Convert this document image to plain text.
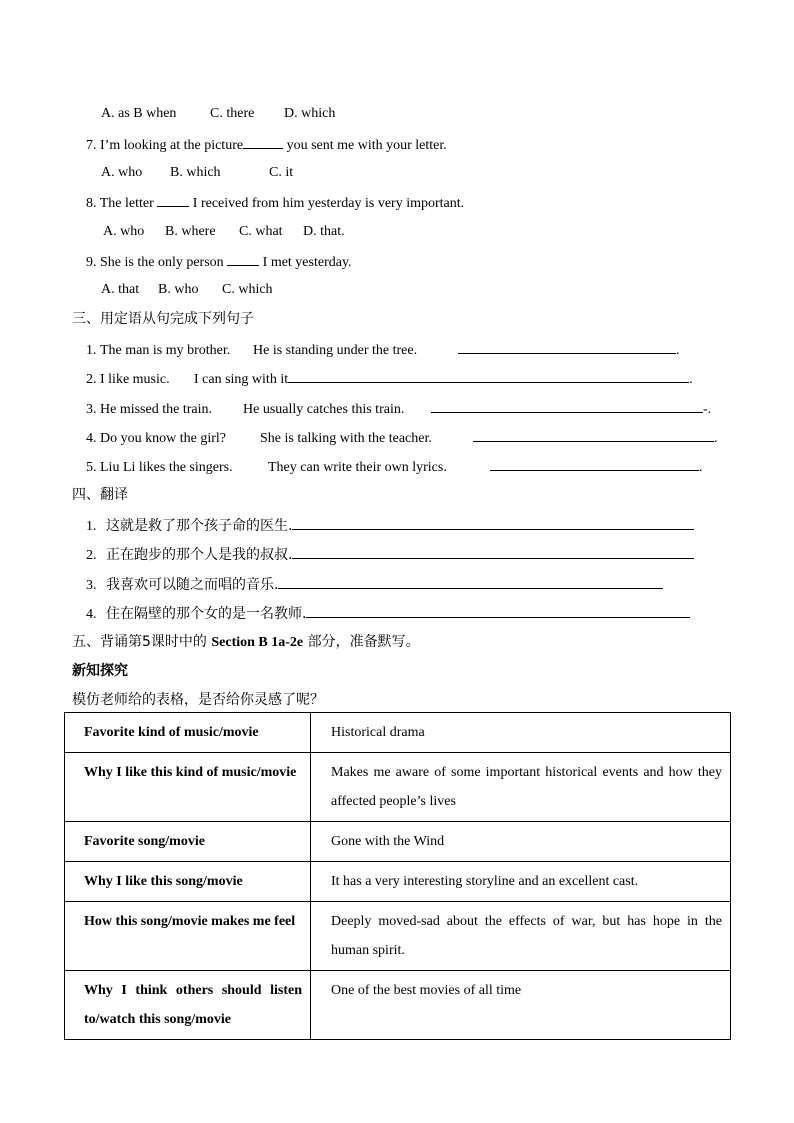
A. as B when C. there D. which
7. I’m looking at the picture	you sent me with your letter.
A. who B. which	C. it
8. The letter  I received from him yesterday is very important.
A. who B. where C. what D. that.
9. She is the only person  I met yesterday.
A. that B. who C. which
三、用定语从句完成下列句子
1. The man is my brother. He is standing under the tree.	.
2. I like music. I can sing with it	.
3. He missed the train. He usually catches this train.	-.
4. Do you know the girl? She is talking with the teacher.	.
5. Liu Li likes the singers.	They can write their own lyrics.	.
四、翻译
1. 这就是救了那个孩子命的医生.
2. 正在跑步的那个人是我的叔叔.
3. 我喜欢可以随之而唱的音乐.
4. 住在隔壁的那个女的是一名教师.
五、背诵第5课时中的 Section B 1a-2e 部分，准备默写。
新知探究
模仿老师给的表格，是否给你灵感了呢？
Favorite kind of music/movie	Historical drama
Why I like this kind of music/movie	Makes me aware of some important historical events and how they affected people’s lives
Favorite song/movie	Gone with the Wind
Why I like this song/movie	It has a very interesting storyline and an excellent cast.
How this song/movie makes me feel	Deeply moved-sad about the effects of war, but has hope in the human spirit.
Why I think others should listen to/watch this song/movie	One of the best movies of all time
